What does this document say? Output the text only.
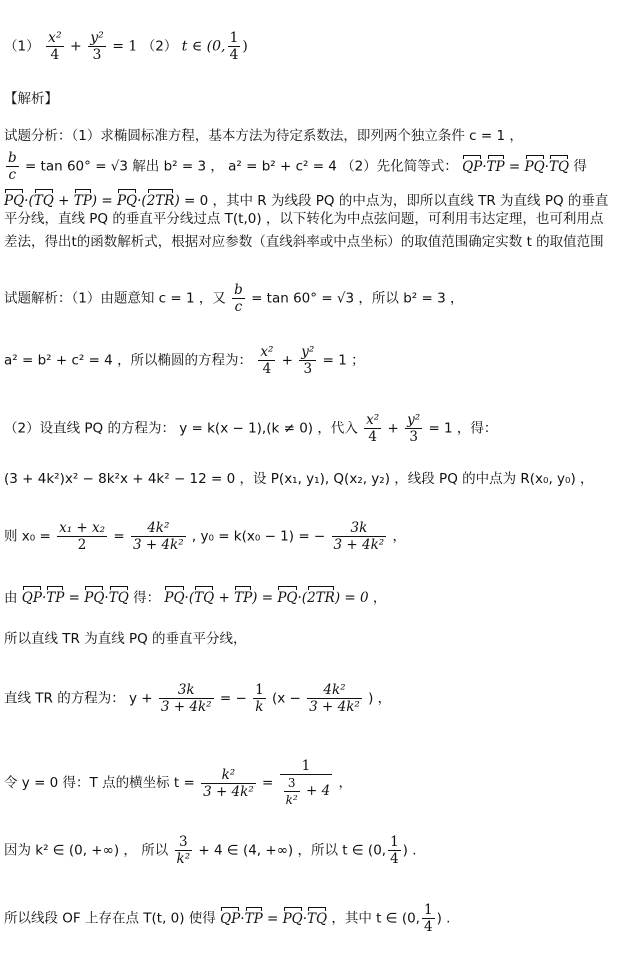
$(1) \frac{\text{x²}}{4} + \frac{\text{y²}}{3} = 1$ （2） t ∈ (0, $\frac{1}{4}$ )
【解析】
试题分析：（1）求椭圆标准方程，基本方法为待定系数法，即列两个独立条件 c = 1 ，
$\frac{b}{c} = \tan 60^\circ = √3$ 解出 b² = 3 ， a² = b² + c² = 4 （2）先化简等式： QP·TP = PQ·TQ 得
PQ·(TQ + TP) = PQ·(2TR) = 0 ，其中 R 为线段 PQ 的中点为，即所以直线 TR 为直线 PQ 的垂直
平分线，直线 PQ 的垂直平分线过点 T(t,0) ，以下转化为中点弦问题，可利用韦达定理，也可利用点
差法，得出t的函数解析式，根据对应参数（直线斜率或中点坐标）的取值范围确定实数 t 的取值范围
试题解析：（1）由题意知 c = 1 ，又 $\frac{b}{c} = \tan 60^\circ = √3$ ，所以 b² = 3 ，
a² = b² + c² = 4 ，所以椭圆的方程为： $\frac{\text{x²}}{4} + \frac{\text{y²}}{3} = 1$ ；
（2）设直线 PQ 的方程为： y = k(x − 1),(k ≠ 0) ，代入 $\frac{\text{x²}}{4} + \frac{\text{y²}}{3} = 1$ ，得：
(3 + 4k²)x² − 8k²x + 4k² − 12 = 0 ，设 P(x₁, y₁), Q(x₂, y₂) ，线段 PQ 的中点为 R(x₀, y₀) ，
则 $x_0 = \frac{\text{x₁ + x₂}}{2} = \frac{\text{4k²}}{\text{3 + 4k²}}$ , y₀ = k(x₀ − 1) = − $\frac{3k}{\text{3 + 4k²}}$ ，
由 QP·TP = PQ·TQ 得： PQ·(TQ + TP) = PQ·(2TR) = 0 ，
所以直线 TR 为直线 PQ 的垂直平分线，
直线 TR 的方程为： $y + \frac{3k}{\text{3 + 4k²}}$ = − $\frac{1}{k} (x - \frac{\text{4k²}}{\text{3 + 4k²}}$ ) ，
令 y = 0 得：T 点的横坐标 $t = \frac{\text{k²}}{\text{3 + 4k²}} = \frac{1}{\frac{3}{\text{k²}} + 4}$ ，
因为 k² ∈ (0, +∞) ， 所以 $\frac{3}{\text{k²}} + 4$ ∈ (4, +∞) ，所以 t ∈ (0, $\frac{1}{4}$ ) .
所以线段 OF 上存在点 T(t, 0) 使得 QP·TP = PQ·TQ ，其中 t ∈ (0, $\frac{1}{4}$ ) .
